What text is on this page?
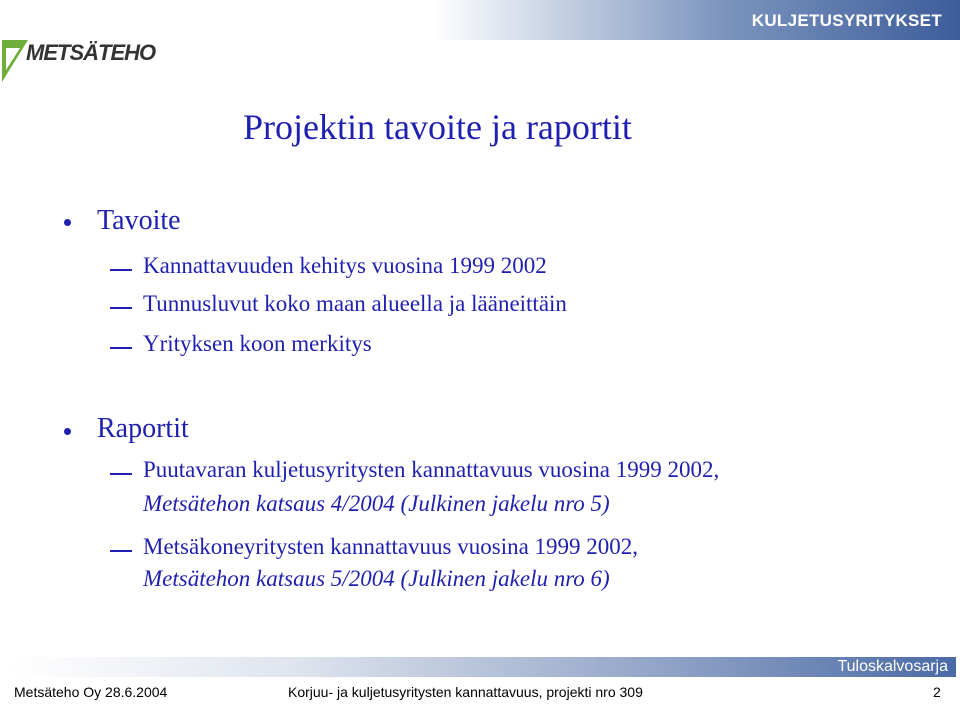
KULJETUSYRITYKSET
METSÄTEHO
Projektin tavoite ja raportit
Tavoite
Kannattavuuden kehitys vuosina 1999 2002
Tunnusluvut koko maan alueella ja lääneittäin
Yrityksen koon merkitys
Raportit
Puutavaran kuljetusyritysten kannattavuus vuosina 1999 2002,
Metsätehon katsaus 4/2004 (Julkinen jakelu nro 5)
Metsäkoneyritysten kannattavuus vuosina 1999 2002,
Metsätehon katsaus 5/2004 (Julkinen jakelu nro 6)
Tuloskalvosarja
Metsäteho Oy 28.6.2004	Korjuu- ja kuljetusyritysten kannattavuus, projekti nro 309	2
